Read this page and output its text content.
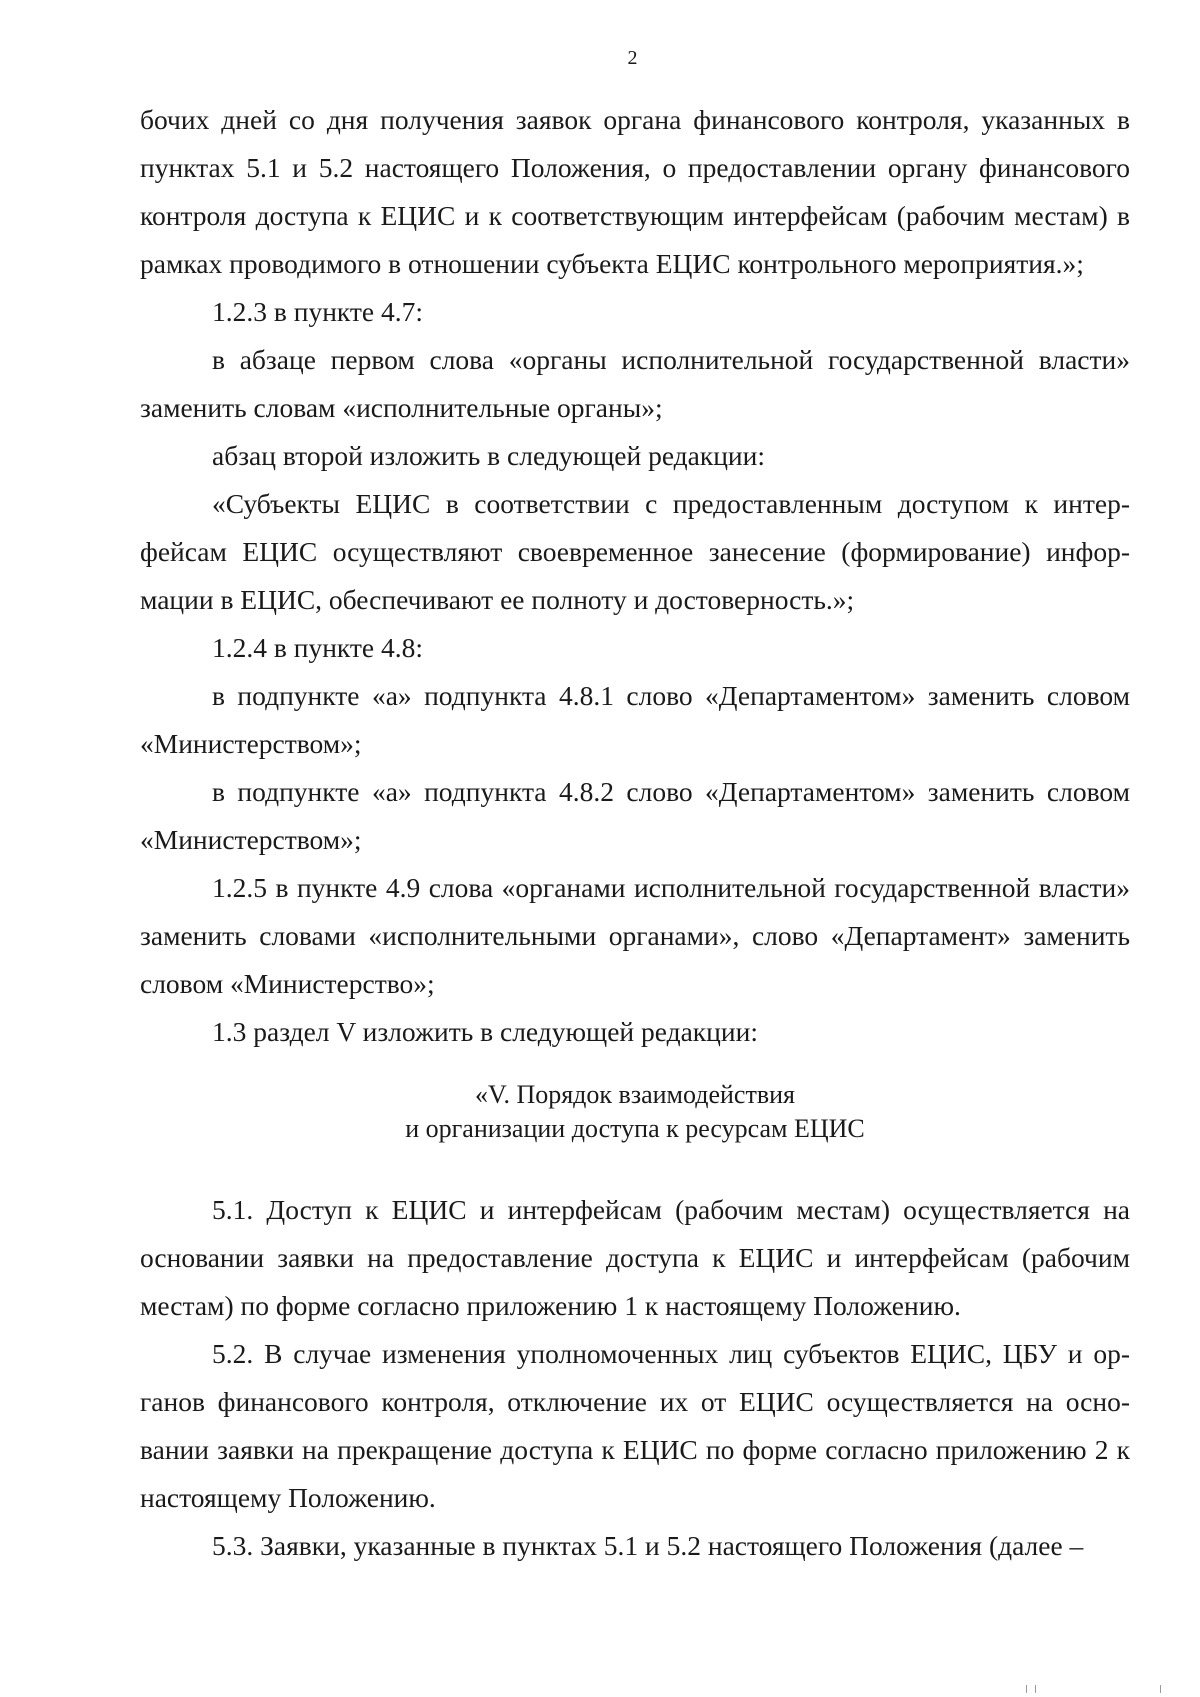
2

бочих дней со дня получения заявок органа финансового контроля, указанных в пунктах 5.1 и 5.2 настоящего Положения, о предоставлении органу финансового контроля доступа к ЕЦИС и к соответствующим интерфейсам (рабочим местам) в рамках проводимого в отношении субъекта ЕЦИС контрольного мероприятия.»;

1.2.3 в пункте 4.7:

в абзаце первом слова «органы исполнительной государственной власти» заменить словам «исполнительные органы»;

абзац второй изложить в следующей редакции:

«Субъекты ЕЦИС в соответствии с предоставленным доступом к интерфейсам ЕЦИС осуществляют своевременное занесение (формирование) информации в ЕЦИС, обеспечивают ее полноту и достоверность.»;

1.2.4 в пункте 4.8:

в подпункте «а» подпункта 4.8.1 слово «Департаментом» заменить словом «Министерством»;

в подпункте «а» подпункта 4.8.2 слово «Департаментом» заменить словом «Министерством»;

1.2.5 в пункте 4.9 слова «органами исполнительной государственной власти» заменить словами «исполнительными органами», слово «Департамент» заменить словом «Министерство»;

1.3 раздел V изложить в следующей редакции:

«V. Порядок взаимодействия
и организации доступа к ресурсам ЕЦИС

5.1. Доступ к ЕЦИС и интерфейсам (рабочим местам) осуществляется на основании заявки на предоставление доступа к ЕЦИС и интерфейсам (рабочим местам) по форме согласно приложению 1 к настоящему Положению.

5.2. В случае изменения уполномоченных лиц субъектов ЕЦИС, ЦБУ и органов финансового контроля, отключение их от ЕЦИС осуществляется на основании заявки на прекращение доступа к ЕЦИС по форме согласно приложению 2 к настоящему Положению.

5.3. Заявки, указанные в пунктах 5.1 и 5.2 настоящего Положения (далее –
